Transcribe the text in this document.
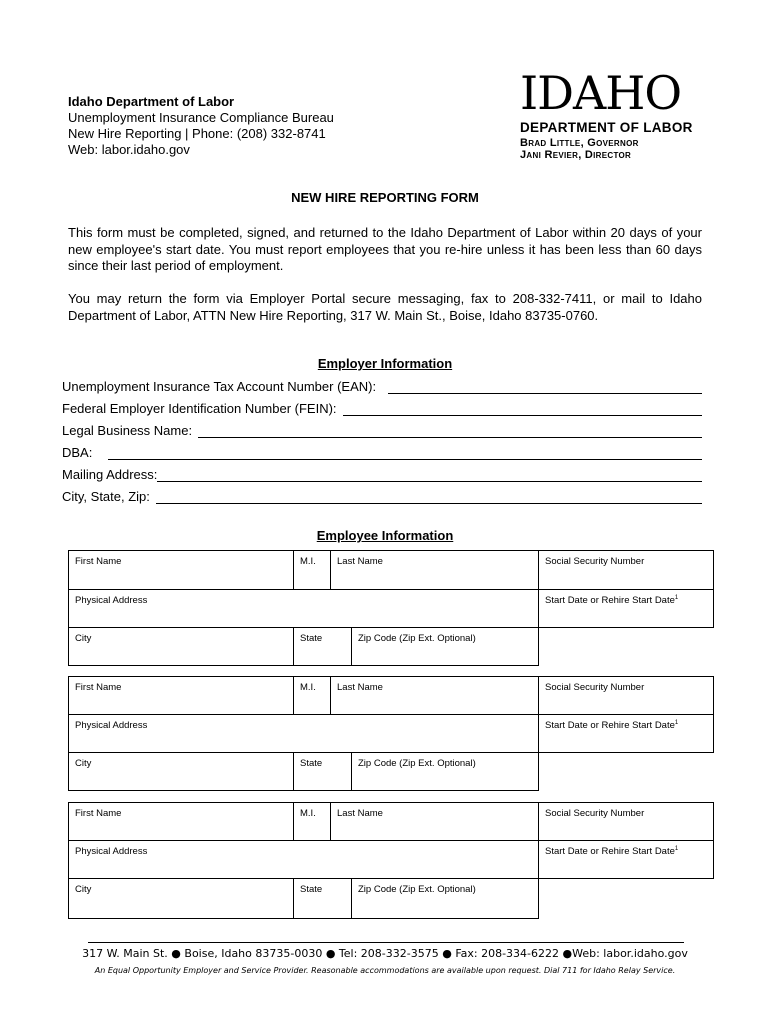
Idaho Department of Labor
Unemployment Insurance Compliance Bureau
New Hire Reporting | Phone: (208) 332-8741
Web: labor.idaho.gov
IDAHO
DEPARTMENT OF LABOR
Brad Little, Governor
Jani Revier, Director
NEW HIRE REPORTING FORM
This form must be completed, signed, and returned to the Idaho Department of Labor within 20 days of your new employee's start date. You must report employees that you re-hire unless it has been less than 60 days since their last period of employment.
You may return the form via Employer Portal secure messaging, fax to 208-332-7411, or mail to Idaho Department of Labor, ATTN New Hire Reporting, 317 W. Main St., Boise, Idaho 83735-0760.
Employer Information
Unemployment Insurance Tax Account Number (EAN):
Federal Employer Identification Number (FEIN):
Legal Business Name:
DBA:
Mailing Address:
City, State, Zip:
Employee Information
First Name	M.I.	Last Name		Social Security Number
Physical Address				Start Date or Rehire Start Date$^1$
City	State		Zip Code (Zip Ext. Optional)	
First Name	M.I.	Last Name		Social Security Number
Physical Address				Start Date or Rehire Start Date$^1$
City	State		Zip Code (Zip Ext. Optional)	
First Name	M.I.	Last Name		Social Security Number
Physical Address				Start Date or Rehire Start Date$^1$
City	State		Zip Code (Zip Ext. Optional)	
317 W. Main St. ● Boise, Idaho 83735-0030 ● Tel: 208-332-3575 ● Fax: 208-334-6222 ●Web: labor.idaho.gov
An Equal Opportunity Employer and Service Provider. Reasonable accommodations are available upon request. Dial 711 for Idaho Relay Service.
